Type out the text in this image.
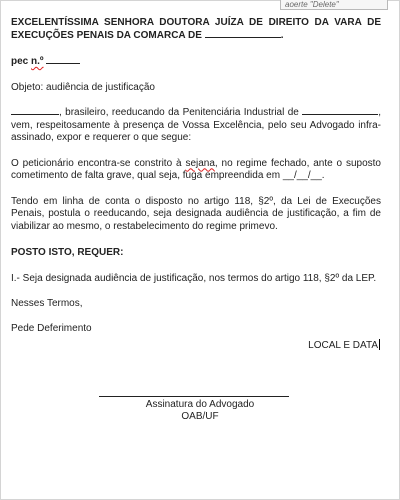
aoerte "Delete"

EXCELENTÍSSIMA SENHORA DOUTORA JUÍZA DE DIREITO DA VARA DE
EXECUÇÕES PENAIS DA COMARCA DE	.

pec n.º

Objeto: audiência de justificação

, brasileiro, reeducando da Penitenciária Industrial de	, vem, respeitosamente à presença de Vossa Excelência, pelo seu Advogado infra-assinado, expor e requerer o que segue:

O peticionário encontra-se constrito à sejana, no regime fechado, ante o suposto cometimento de falta grave, qual seja, fuga empreendida em __/__/__.

Tendo em linha de conta o disposto no artigo 118, §2º, da Lei de Execuções Penais, postula o reeducando, seja designada audiência de justificação, a fim de viabilizar ao mesmo, o restabelecimento do regime primevo.

POSTO ISTO, REQUER:

I.- Seja designada audiência de justificação, nos termos do artigo 118, §2º da LEP.

Nesses Termos,

Pede Deferimento

LOCAL E DATA
Assinatura do Advogado
OAB/UF
